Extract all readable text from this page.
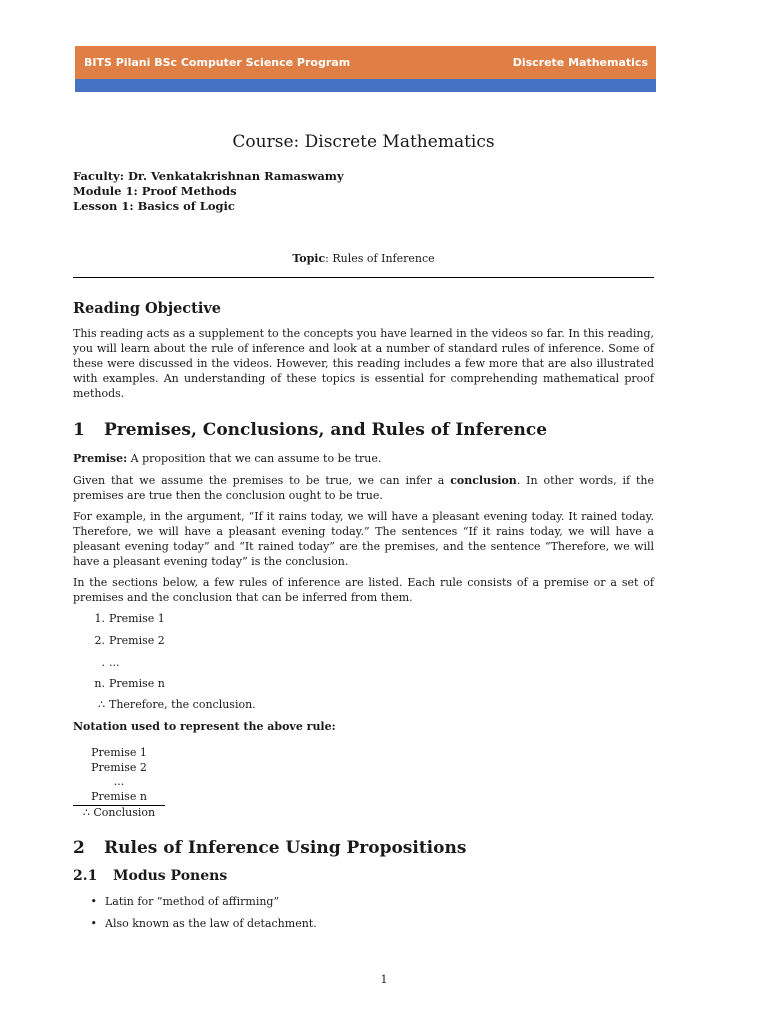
BITS Pilani BSc Computer Science Program	Discrete Mathematics
Course: Discrete Mathematics
Faculty: Dr. Venkatakrishnan Ramaswamy
Module 1: Proof Methods
Lesson 1: Basics of Logic
Topic: Rules of Inference
Reading Objective

This reading acts as a supplement to the concepts you have learned in the videos so far. In this reading, you will learn about the rule of inference and look at a number of standard rules of inference. Some of these were discussed in the videos. However, this reading includes a few more that are also illustrated with examples. An understanding of these topics is essential for comprehending mathematical proof methods.

1 Premises, Conclusions, and Rules of Inference

Premise: A proposition that we can assume to be true.

Given that we assume the premises to be true, we can infer a conclusion. In other words, if the premises are true then the conclusion ought to be true.

For example, in the argument, “If it rains today, we will have a pleasant evening today. It rained today. Therefore, we will have a pleasant evening today.” The sentences “If it rains today, we will have a pleasant evening today” and “It rained today” are the premises, and the sentence “Therefore, we will have a pleasant evening today” is the conclusion.

In the sections below, a few rules of inference are listed. Each rule consists of a premise or a set of premises and the conclusion that can be inferred from them.

1. Premise 1
2. Premise 2
. ...
n. Premise n
∴ Therefore, the conclusion.

Notation used to represent the above rule:

Premise 1
Premise 2
...
Premise n
∴ Conclusion
2 Rules of Inference Using Propositions
2.1 Modus Ponens
• Latin for ”method of affirming”
• Also known as the law of detachment.
1
